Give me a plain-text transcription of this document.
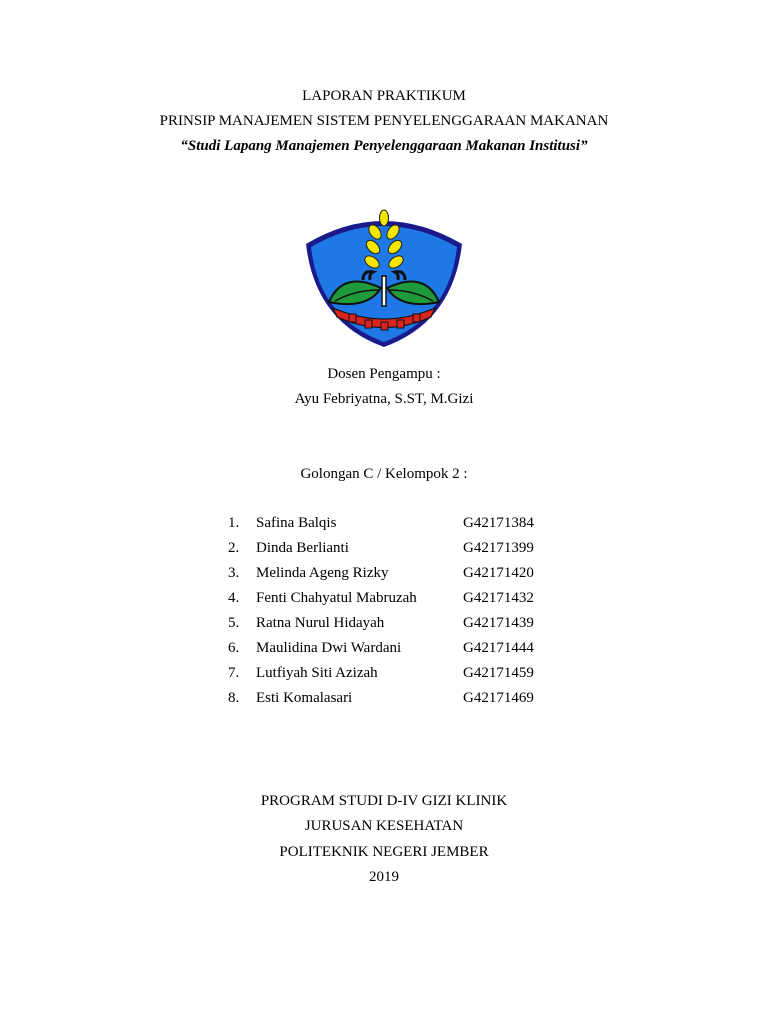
LAPORAN PRAKTIKUM
PRINSIP MANAJEMEN SISTEM PENYELENGGARAAN MAKANAN
“Studi Lapang Manajemen Penyelenggaraan Makanan Institusi”
Dosen Pengampu :
Ayu Febriyatna, S.ST, M.Gizi
Golongan C / Kelompok 2 :
1.	Safina Balqis	G42171384
2.	Dinda Berlianti	G42171399
3.	Melinda Ageng Rizky	G42171420
4.	Fenti Chahyatul Mabruzah	G42171432
5.	Ratna Nurul Hidayah	G42171439
6.	Maulidina Dwi Wardani	G42171444
7.	Lutfiyah Siti Azizah	G42171459
8.	Esti Komalasari	G42171469
PROGRAM STUDI D-IV GIZI KLINIK
JURUSAN KESEHATAN
POLITEKNIK NEGERI JEMBER
2019
